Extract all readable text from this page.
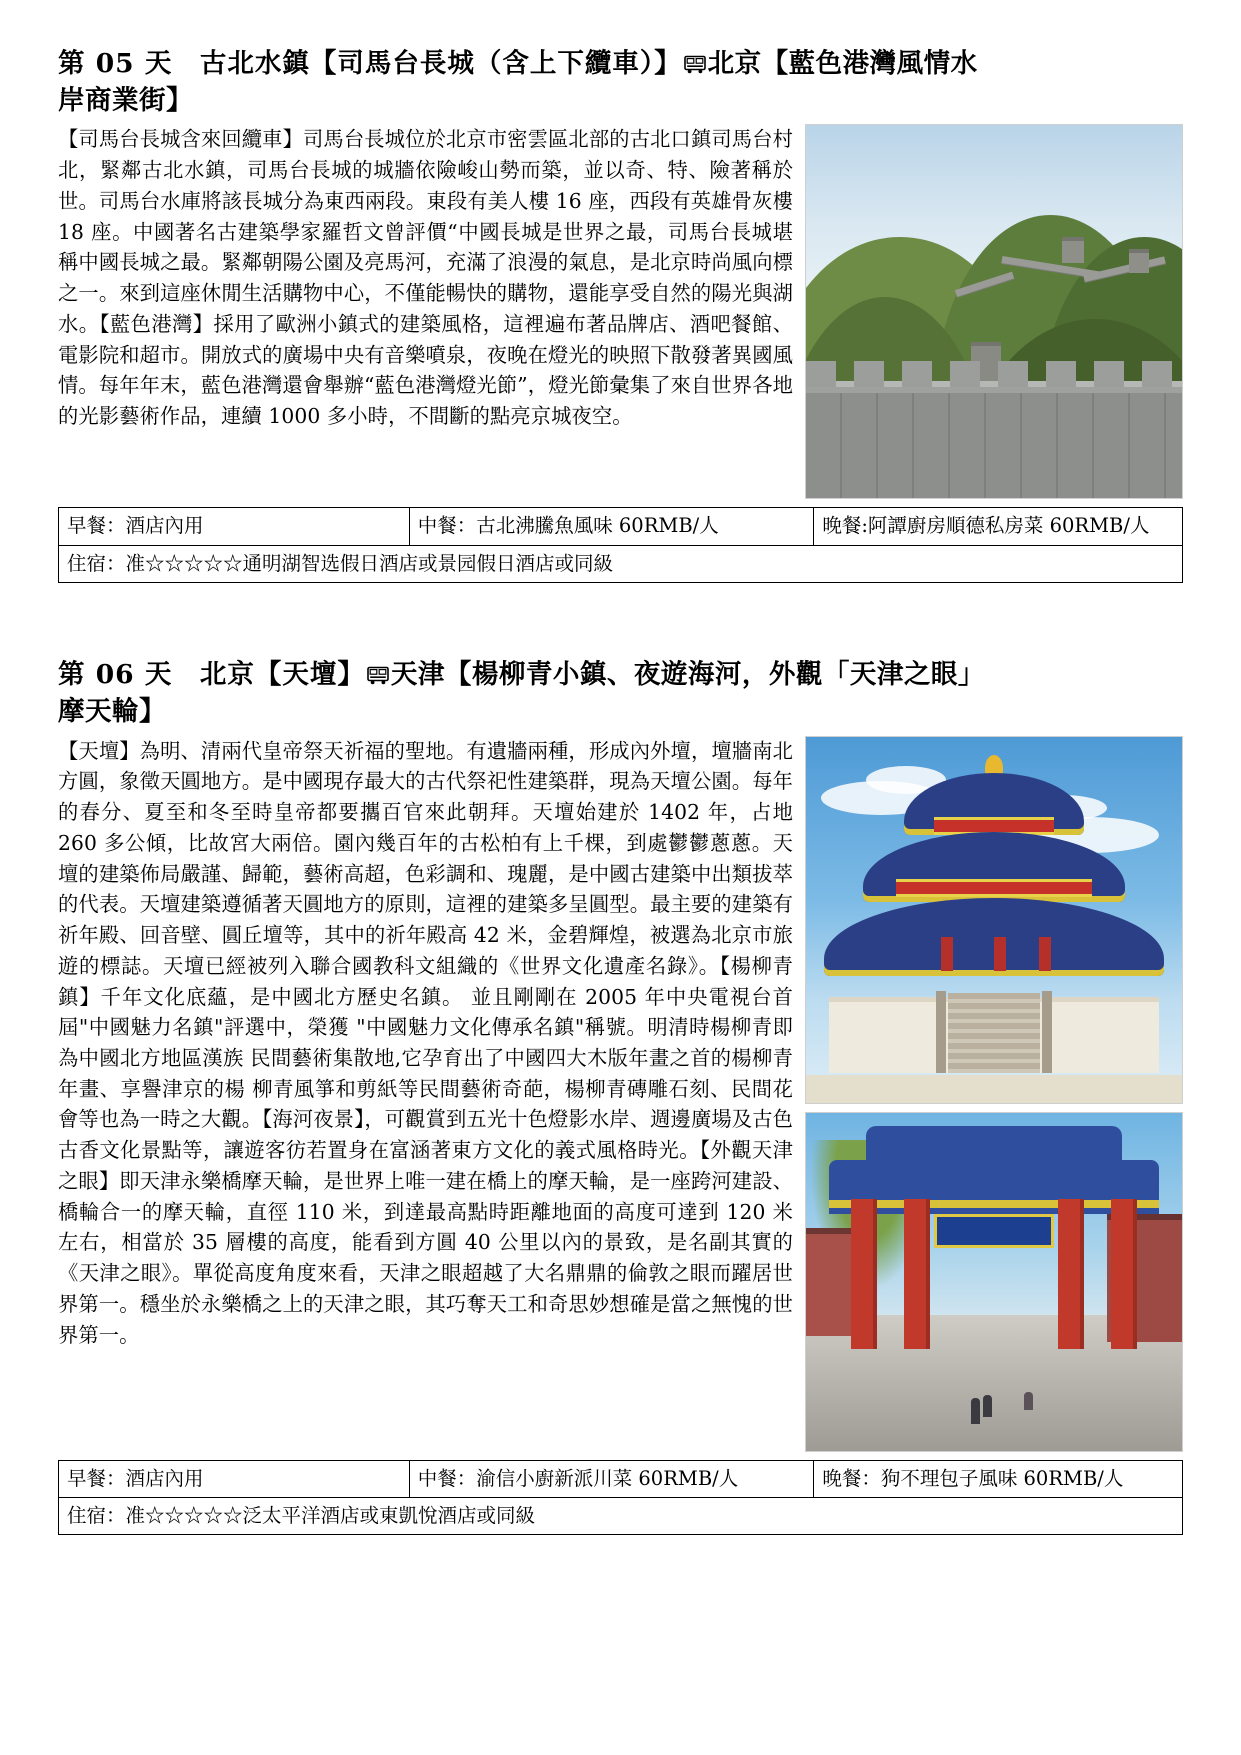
第 05 天　古北水鎮【司馬台長城（含上下纜車）】 北京【藍色港灣風情水
岸商業街】

【司馬台長城含來回纜車】司馬台長城位於北京市密雲區北部的古北口鎮司馬台村北，緊鄰古北水鎮，司馬台長城的城牆依險峻山勢而築，並以奇、特、險著稱於世。司馬台水庫將該長城分為東西兩段。東段有美人樓 16 座，西段有英雄骨灰樓 18 座。中國著名古建築學家羅哲文曾評價“中國長城是世界之最，司馬台長城堪稱中國長城之最。緊鄰朝陽公園及亮馬河，充滿了浪漫的氣息，是北京時尚風向標之一。來到這座休閒生活購物中心，不僅能暢快的購物，還能享受自然的陽光與湖水。【藍色港灣】採用了歐洲小鎮式的建築風格，這裡遍布著品牌店、酒吧餐館、電影院和超市。開放式的廣場中央有音樂噴泉，夜晚在燈光的映照下散發著異國風情。每年年末，藍色港灣還會舉辦“藍色港灣燈光節”，燈光節彙集了來自世界各地的光影藝術作品，連續 1000 多小時，不間斷的點亮京城夜空。

早餐：酒店內用	中餐：古北沸騰魚風味 60RMB/人	晚餐:阿譚廚房順德私房菜 60RMB/人
住宿：准☆☆☆☆☆通明湖智选假日酒店或景园假日酒店或同級
第 06 天　北京【天壇】 天津【楊柳青小鎮、夜遊海河，外觀「天津之眼」
摩天輪】

【天壇】為明、清兩代皇帝祭天祈福的聖地。有遺牆兩種，形成內外壇，壇牆南北方圓，象徵天圓地方。是中國現存最大的古代祭祀性建築群，現為天壇公園。每年的春分、夏至和冬至時皇帝都要攜百官來此朝拜。天壇始建於 1402 年，占地 260 多公傾，比故宮大兩倍。園內幾百年的古松柏有上千棵，到處鬱鬱蔥蔥。天壇的建築佈局嚴謹、歸範，藝術高超，色彩調和、瑰麗，是中國古建築中出類拔萃的代表。天壇建築遵循著天圓地方的原則，這裡的建築多呈圓型。最主要的建築有祈年殿、回音壁、圓丘壇等，其中的祈年殿高 42 米，金碧輝煌，被選為北京市旅遊的標誌。天壇已經被列入聯合國教科文組織的《世界文化遺產名錄》。【楊柳青鎮】千年文化底蘊，是中國北方歷史名鎮。 並且剛剛在 2005 年中央電視台首屆"中國魅力名鎮"評選中，榮獲 "中國魅力文化傳承名鎮"稱號。明清時楊柳青即為中國北方地區漢族 民間藝術集散地,它孕育出了中國四大木版年畫之首的楊柳青年畫、享譽津京的楊 柳青風箏和剪紙等民間藝術奇葩，楊柳青磚雕石刻、民間花會等也為一時之大觀。【海河夜景】，可觀賞到五光十色燈影水岸、週邊廣場及古色古香文化景點等，讓遊客彷若置身在富涵著東方文化的義式風格時光。【外觀天津之眼】即天津永樂橋摩天輪，是世界上唯一建在橋上的摩天輪，是一座跨河建設、橋輪合一的摩天輪，直徑 110 米，到達最高點時距離地面的高度可達到 120 米左右，相當於 35 層樓的高度，能看到方圓 40 公里以內的景致，是名副其實的《天津之眼》。單從高度角度來看，天津之眼超越了大名鼎鼎的倫敦之眼而躍居世界第一。穩坐於永樂橋之上的天津之眼，其巧奪天工和奇思妙想確是當之無愧的世界第一。

早餐：酒店內用	中餐：渝信小廚新派川菜 60RMB/人	晚餐：狗不理包子風味 60RMB/人
住宿：准☆☆☆☆☆泛太平洋酒店或東凱悅酒店或同級
